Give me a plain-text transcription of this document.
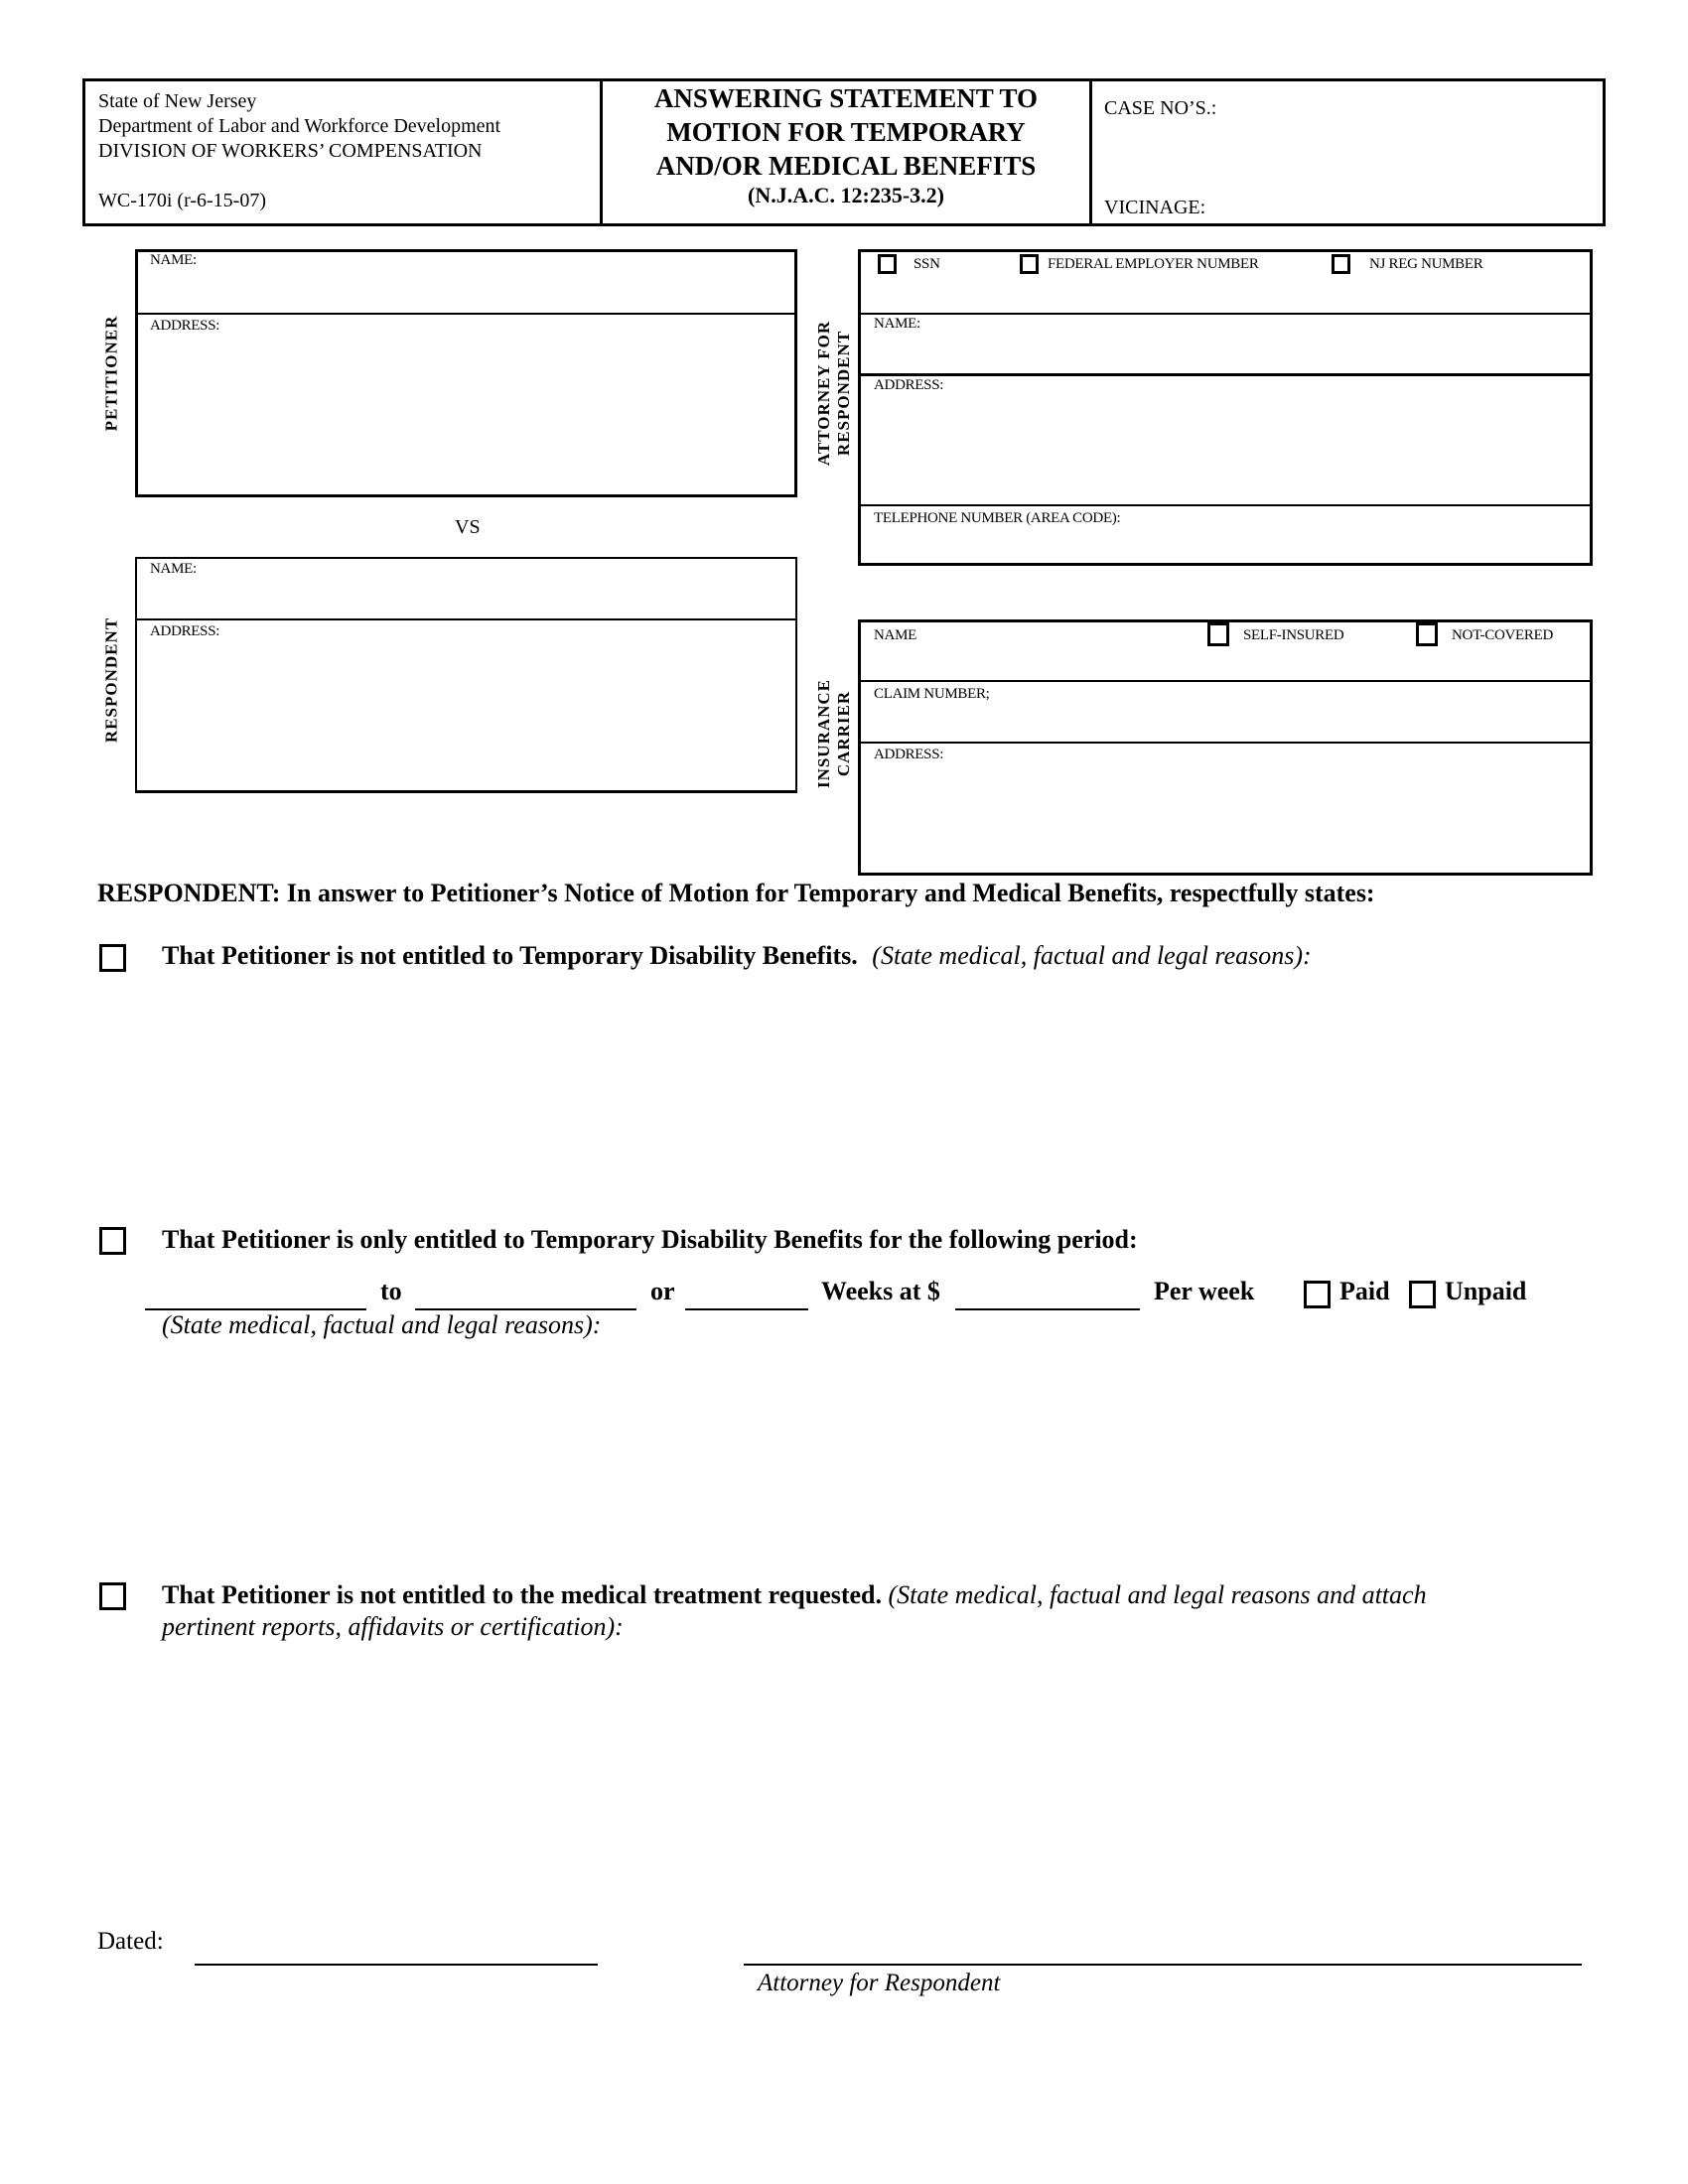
State of New Jersey
Department of Labor and Workforce Development
DIVISION OF WORKERS’ COMPENSATION
WC-170i (r-6-15-07)
ANSWERING STATEMENT TO
MOTION FOR TEMPORARY
AND/OR MEDICAL BENEFITS
(N.J.A.C. 12:235-3.2)
CASE NO’S.:
VICINAGE:
PETITIONER
NAME:
ADDRESS:
VS
RESPONDENT
NAME:
ADDRESS:
ATTORNEY FOR RESPONDENT
SSN	FEDERAL EMPLOYER NUMBER	NJ REG NUMBER
NAME:
ADDRESS:
TELEPHONE NUMBER (AREA CODE):
INSURANCE CARRIER
NAME	SELF-INSURED	NOT-COVERED
CLAIM NUMBER;
ADDRESS:
RESPONDENT: In answer to Petitioner’s Notice of Motion for Temporary and Medical Benefits, respectfully states:
That Petitioner is not entitled to Temporary Disability Benefits. (State medical, factual and legal reasons):
That Petitioner is only entitled to Temporary Disability Benefits for the following period:
to	or	Weeks at $	Per week	Paid Unpaid
(State medical, factual and legal reasons):
That Petitioner is not entitled to the medical treatment requested. (State medical, factual and legal reasons and attach
pertinent reports, affidavits or certification):
Dated:
Attorney for Respondent
